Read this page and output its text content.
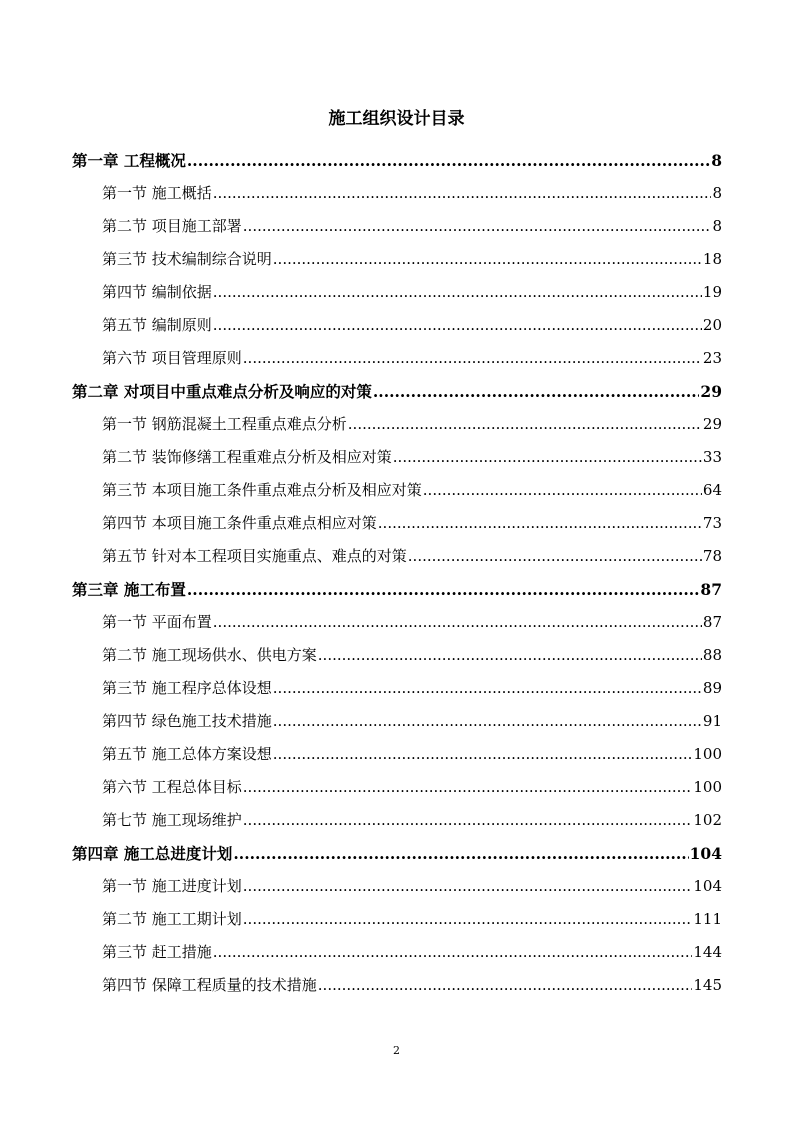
施工组织设计目录
第一章 工程概况 .....	8
第一节 施工概括 .....	8
第二节 项目施工部署 .....	8
第三节 技术编制综合说明 .....	18
第四节 编制依据 .....	19
第五节 编制原则 .....	20
第六节 项目管理原则 .....	23
第二章 对项目中重点难点分析及响应的对策 .....	29
第一节 钢筋混凝土工程重点难点分析 .....	29
第二节 装饰修缮工程重难点分析及相应对策 .....	33
第三节 本项目施工条件重点难点分析及相应对策 .....	64
第四节 本项目施工条件重点难点相应对策 .....	73
第五节 针对本工程项目实施重点、难点的对策 .....	78
第三章 施工布置 .....	87
第一节 平面布置 .....	87
第二节 施工现场供水、供电方案 .....	88
第三节 施工程序总体设想 .....	89
第四节 绿色施工技术措施 .....	91
第五节 施工总体方案设想 .....	100
第六节 工程总体目标 .....	100
第七节 施工现场维护 .....	102
第四章 施工总进度计划 .....	104
第一节 施工进度计划 .....	104
第二节 施工工期计划 .....	111
第三节 赶工措施 .....	144
第四节 保障工程质量的技术措施 .....	145
2
